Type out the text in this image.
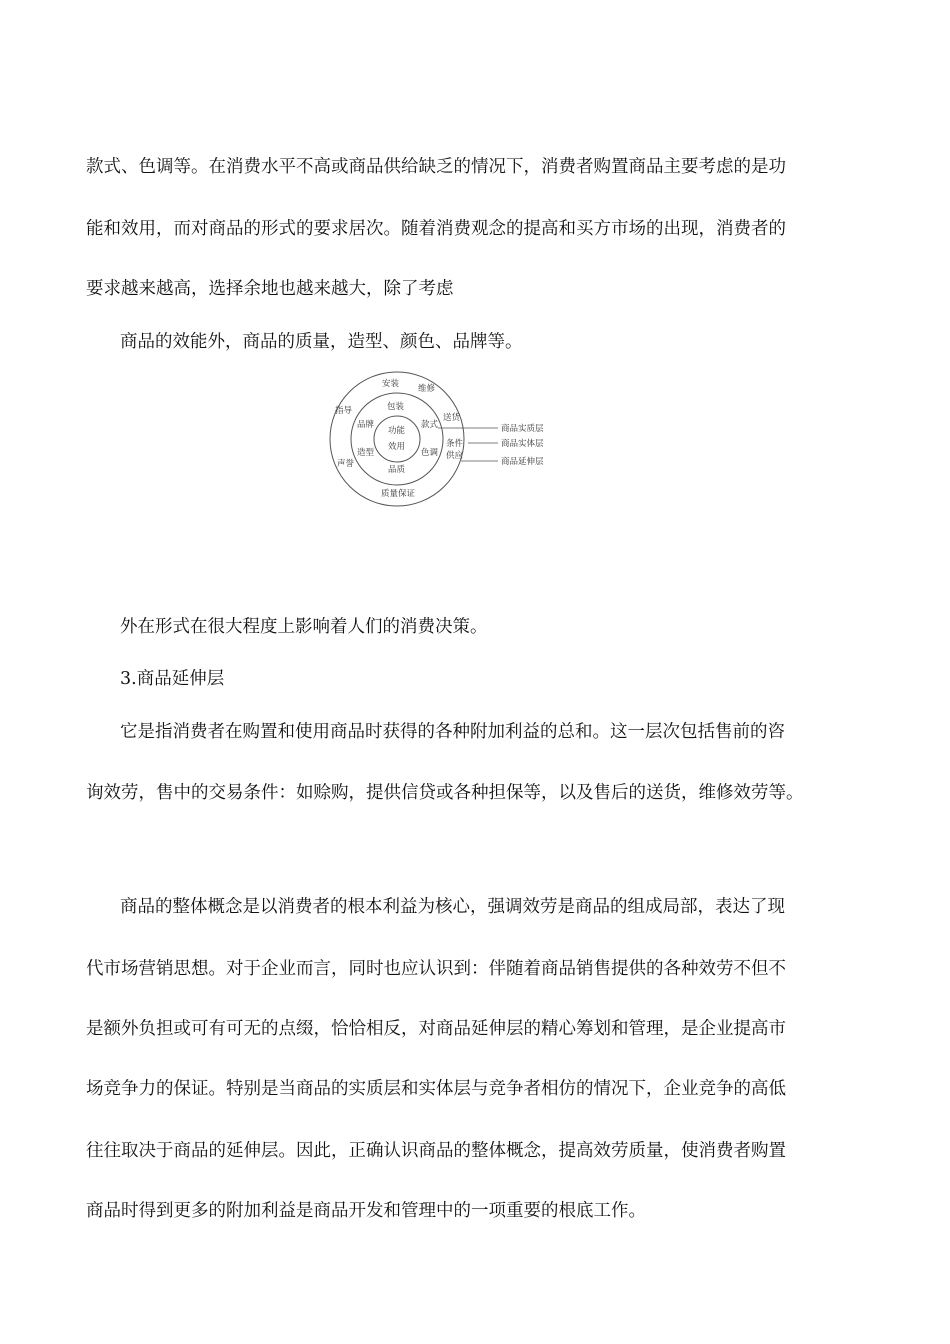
款式、色调等。在消费水平不高或商品供给缺乏的情况下，消费者购置商品主要考虑的是功

能和效用，而对商品的形式的要求居次。随着消费观念的提高和买方市场的出现，消费者的

要求越来越高，选择余地也越来越大，除了考虑

商品的效能外，商品的质量，造型、颜色、品牌等。

功能
效用
包装
款式
色调
品质
造型
品牌
安装 维修
送货
条件
供应
质量保证
声誉
指导
商品实质层
商品实体层
商品延伸层

外在形式在很大程度上影响着人们的消费决策。

3.商品延伸层

它是指消费者在购置和使用商品时获得的各种附加利益的总和。这一层次包括售前的咨

询效劳，售中的交易条件：如赊购，提供信贷或各种担保等，以及售后的送货，维修效劳等。

商品的整体概念是以消费者的根本利益为核心，强调效劳是商品的组成局部，表达了现

代市场营销思想。对于企业而言，同时也应认识到：伴随着商品销售提供的各种效劳不但不

是额外负担或可有可无的点缀，恰恰相反，对商品延伸层的精心筹划和管理，是企业提高市

场竞争力的保证。特别是当商品的实质层和实体层与竞争者相仿的情况下，企业竞争的高低

往往取决于商品的延伸层。因此，正确认识商品的整体概念，提高效劳质量，使消费者购置

商品时得到更多的附加利益是商品开发和管理中的一项重要的根底工作。
